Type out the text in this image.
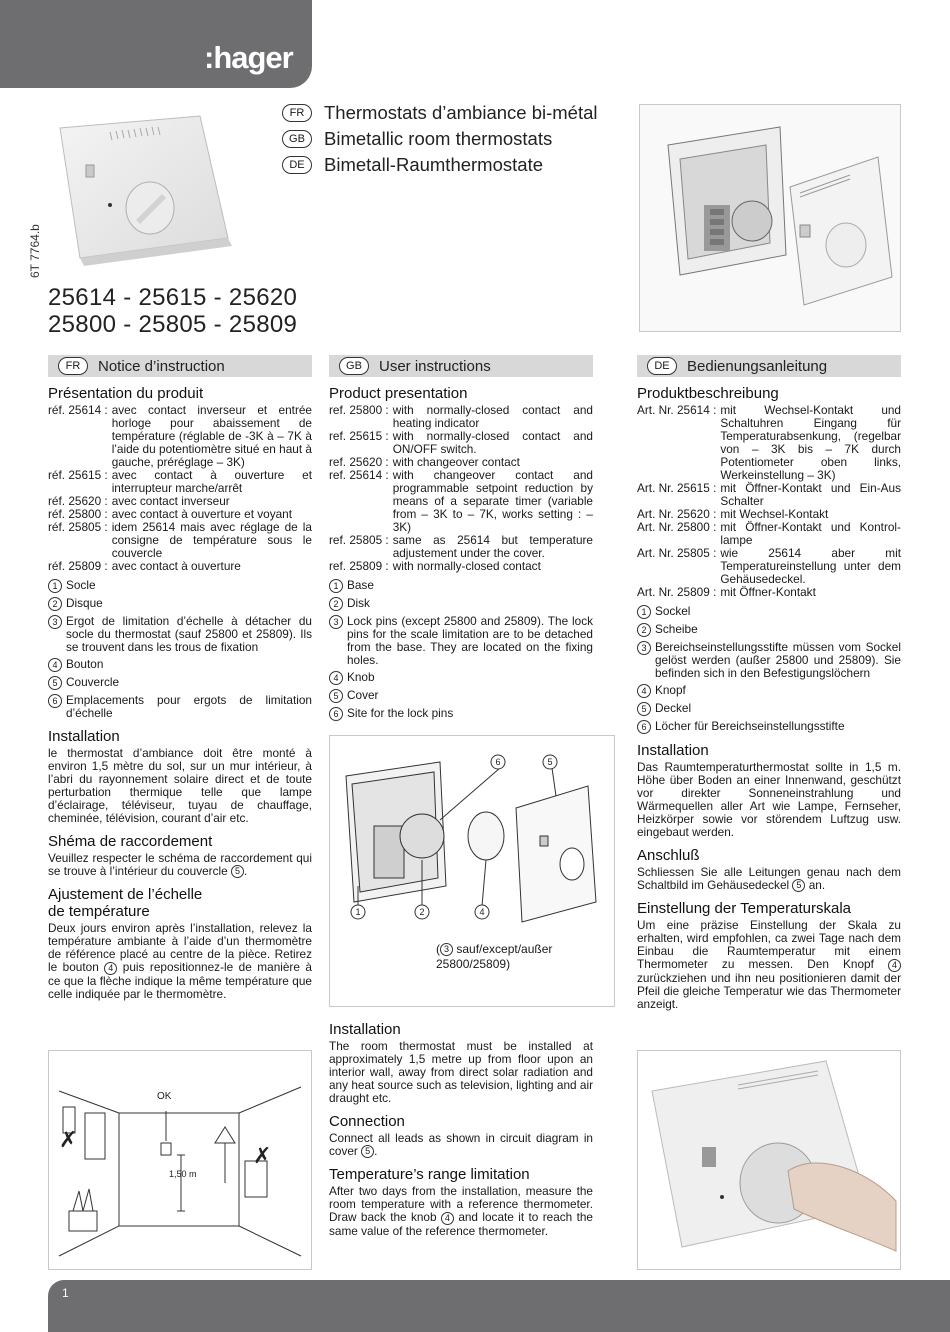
:hager
6T 7764.b
FR	Thermostats d’ambiance bi-métal
GB	Bimetallic room thermostats
DE	Bimetall-Raumthermostate
25614 - 25615 - 25620
25800 - 25805 - 25809
FR	Notice d’instruction
Présentation du produit
réf. 25614 : avec contact inverseur et entrée horloge pour abaissement de température (réglable de -3K à – 7K à l’aide du potentiomètre situé en haut à gauche, préréglage – 3K)
réf. 25615 : avec contact à ouverture et interrupteur marche/arrêt
réf. 25620 : avec contact inverseur
réf. 25800 : avec contact à ouverture et voyant
réf. 25805 : idem 25614 mais avec réglage de la consigne de température sous le couvercle
réf. 25809 : avec contact à ouverture
1 Socle
2 Disque
3 Ergot de limitation d’échelle à détacher du socle du thermostat (sauf 25800 et 25809). Ils se trouvent dans les trous de fixation
4 Bouton
5 Couvercle
6 Emplacements pour ergots de limitation d’échelle
Installation
le thermostat d’ambiance doit être monté à environ 1,5 mètre du sol, sur un mur intérieur, à l’abri du rayonnement solaire direct et de toute perturbation thermique telle que lampe d’éclairage, téléviseur, tuyau de chauffage, cheminée, télévision, courant d’air etc.
Shéma de raccordement
Veuillez respecter le schéma de raccordement qui se trouve à l’intérieur du couvercle 5 .
Ajustement de l’échelle
de température
Deux jours environ après l’installation, relevez la température ambiante à l’aide d’un thermomètre de référence placé au centre de la pièce. Retirez le bouton 4 puis repositionnez-le de manière à ce que la flèche indique la même température que celle indiquée par le thermomètre.
OK
1,50 m
✗
✗
GB	User instructions
Product presentation
ref. 25800 : with normally-closed contact and heating indicator
ref. 25615 : with normally-closed contact and ON/OFF switch.
ref. 25620 : with changeover contact
ref. 25614 : with changeover contact and programmable setpoint reduction by means of a separate timer (variable from – 3K to – 7K, works setting : – 3K)
ref. 25805 : same as 25614 but temperature adjustement under the cover.
ref. 25809 : with normally-closed contact
1 Base
2 Disk
3 Lock pins (except 25800 and 25809). The lock pins for the scale limitation are to be detached from the base. They are located on the fixing holes.
4 Knob
5 Cover
6 Site for the lock pins
6	5
1	2	4
( 3 sauf/except/außer
25800/25809)
Installation
The room thermostat must be installed at approximately 1,5 metre up from floor upon an interior wall, away from direct solar radiation and any heat source such as television, lighting and air draught etc.
Connection
Connect all leads as shown in circuit diagram in cover 5 .
Temperature’s range limitation
After two days from the installation, measure the room temperature with a reference thermometer. Draw back the knob 4 and locate it to reach the same value of the reference thermometer.
DE	Bedienungsanleitung
Produktbeschreibung
Art. Nr. 25614 : mit Wechsel-Kontakt und Schaltuhren Eingang für Temperaturabsenkung, (regelbar von – 3K bis – 7K durch Potentiometer oben links, Werkeinstellung – 3K)
Art. Nr. 25615 : mit Öffner-Kontakt und Ein-Aus Schalter
Art. Nr. 25620 : mit Wechsel-Kontakt
Art. Nr. 25800 : mit Öffner-Kontakt und Kontrol-lampe
Art. Nr. 25805 : wie 25614 aber mit Temperatureinstellung unter dem Gehäusedeckel.
Art. Nr. 25809 : mit Öffner-Kontakt
1 Sockel
2 Scheibe
3 Bereichseinstellungsstifte müssen vom Sockel gelöst werden (außer 25800 und 25809). Sie befinden sich in den Befestigungslöchern
4 Knopf
5 Deckel
6 Löcher für Bereichseinstellungsstifte
Installation
Das Raumtemperaturthermostat sollte in 1,5 m. Höhe über Boden an einer Innenwand, geschützt vor direkter Sonneneinstrahlung und Wärmequellen aller Art wie Lampe, Fernseher, Heizkörper sowie vor störendem Luftzug usw. eingebaut werden.
Anschluß
Schliessen Sie alle Leitungen genau nach dem Schaltbild im Gehäusedeckel 5 an.
Einstellung der Temperaturskala
Um eine präzise Einstellung der Skala zu erhalten, wird empfohlen, ca zwei Tage nach dem Einbau die Raumtemperatur mit einem Thermometer zu messen. Den Knopf 4 zurückziehen und ihn neu positionieren damit der Pfeil die gleiche Temperatur wie das Thermometer anzeigt.
1
